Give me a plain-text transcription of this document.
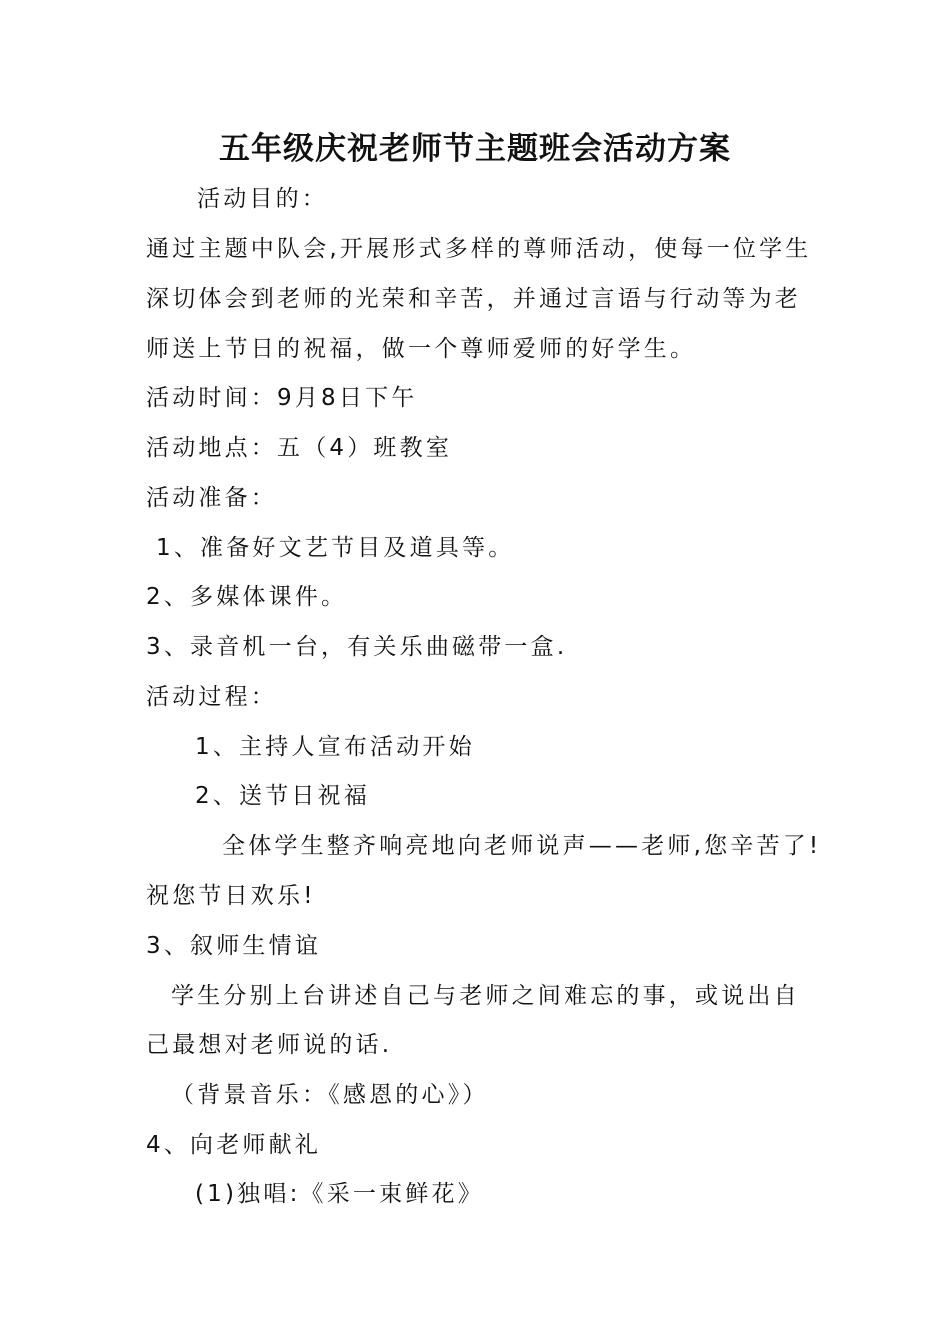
五年级庆祝老师节主题班会活动方案
活动目的：
通过主题中队会,开展形式多样的尊师活动，使每一位学生
深切体会到老师的光荣和辛苦，并通过言语与行动等为老
师送上节日的祝福，做一个尊师爱师的好学生。
活动时间：9月8日下午
活动地点：五（4）班教室
活动准备：
1、准备好文艺节目及道具等。
2、多媒体课件。
3、录音机一台，有关乐曲磁带一盒.
活动过程：
1、主持人宣布活动开始
2、送节日祝福
全体学生整齐响亮地向老师说声——老师,您辛苦了!
祝您节日欢乐!
3、叙师生情谊
学生分别上台讲述自己与老师之间难忘的事，或说出自
己最想对老师说的话.
（背景音乐：《感恩的心》）
4、向老师献礼
(1)独唱:《采一束鲜花》
